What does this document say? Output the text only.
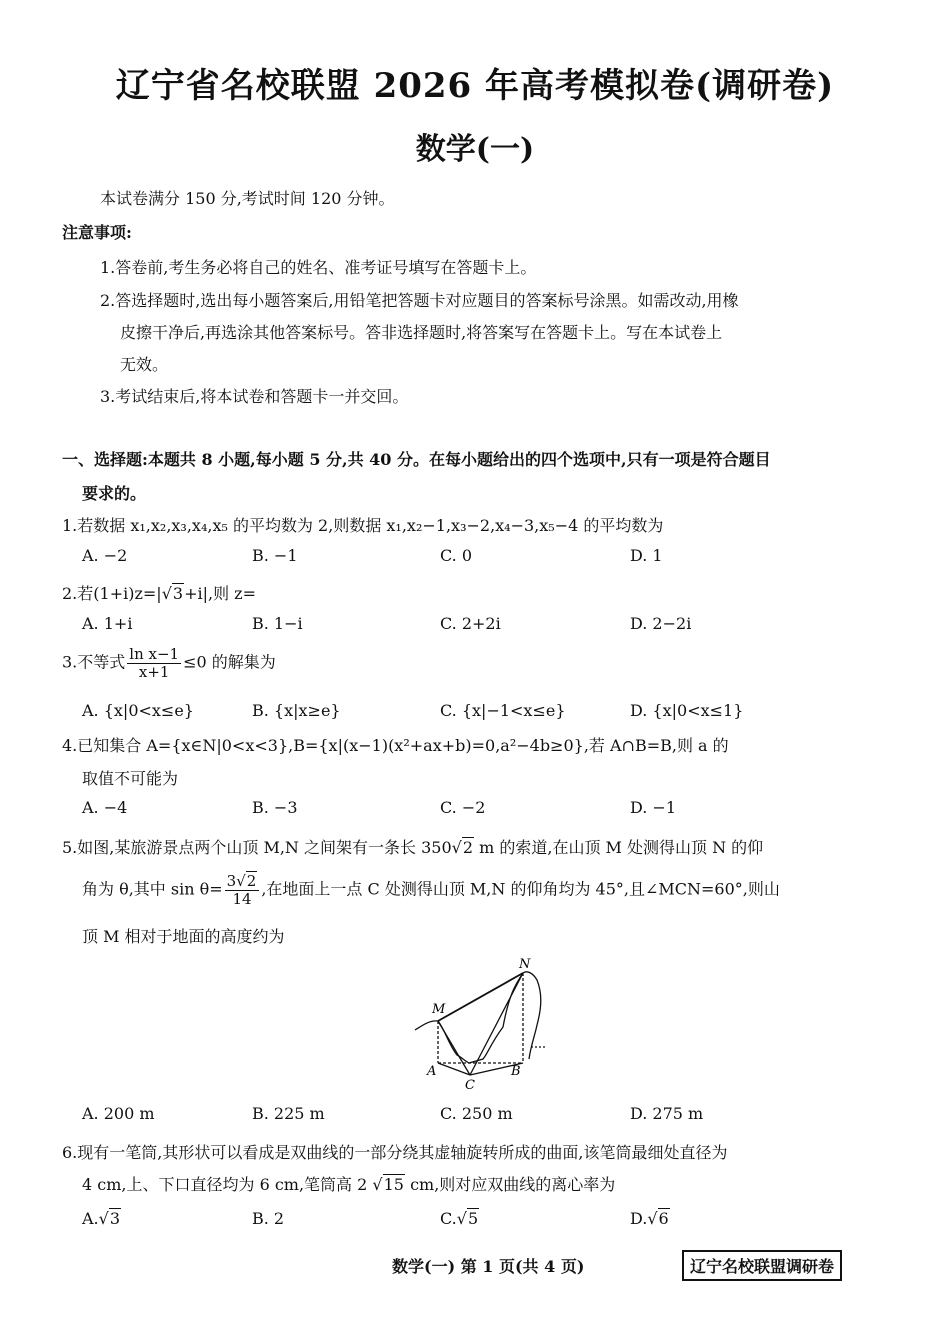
辽宁省名校联盟 2026 年高考模拟卷(调研卷)
数学(一)
本试卷满分 150 分,考试时间 120 分钟。
注意事项:
1.答卷前,考生务必将自己的姓名、准考证号填写在答题卡上。
2.答选择题时,选出每小题答案后,用铅笔把答题卡对应题目的答案标号涂黑。如需改动,用橡
皮擦干净后,再选涂其他答案标号。答非选择题时,将答案写在答题卡上。写在本试卷上
无效。
3.考试结束后,将本试卷和答题卡一并交回。
一、选择题:本题共 8 小题,每小题 5 分,共 40 分。在每小题给出的四个选项中,只有一项是符合题目
要求的。
1.若数据 x₁,x₂,x₃,x₄,x₅ 的平均数为 2,则数据 x₁,x₂−1,x₃−2,x₄−3,x₅−4 的平均数为
A. −2	B. −1	C. 0	D. 1
2.若(1+i)z=|√3+i|,则 z=
A. 1+i	B. 1−i	C. 2+2i	D. 2−2i
3.不等式 $\frac{\text{ln x−1}}{x+1} \le 0$ 的解集为
A. {x|0<x≤e}	B. {x|x≥e}	C. {x|−1<x≤e}	D. {x|0<x≤1}
4.已知集合 A={x∈N|0<x<3},B={x|(x−1)(x²+ax+b)=0,a²−4b≥0},若 A∩B=B,则 a 的
取值不可能为
A. −4	B. −3	C. −2	D. −1
5.如图,某旅游景点两个山顶 M,N 之间架有一条长 350√2 m 的索道,在山顶 M 处测得山顶 N 的仰
角为 θ,其中 $\sin \theta= \frac{3√2}{14}$ ,在地面上一点 C 处测得山顶 M,N 的仰角均为 45°,且∠MCN=60°,则山
顶 M 相对于地面的高度约为
M
N
A
C
B
A. 200 m	B. 225 m	C. 250 m	D. 275 m
6.现有一笔筒,其形状可以看成是双曲线的一部分绕其虚轴旋转所成的曲面,该笔筒最细处直径为
4 cm,上、下口直径均为 6 cm,笔筒高 2 √15 cm,则对应双曲线的离心率为
A.√3	B. 2	C.√5	D.√6
数学(一) 第 1 页(共 4 页)	辽宁名校联盟调研卷
